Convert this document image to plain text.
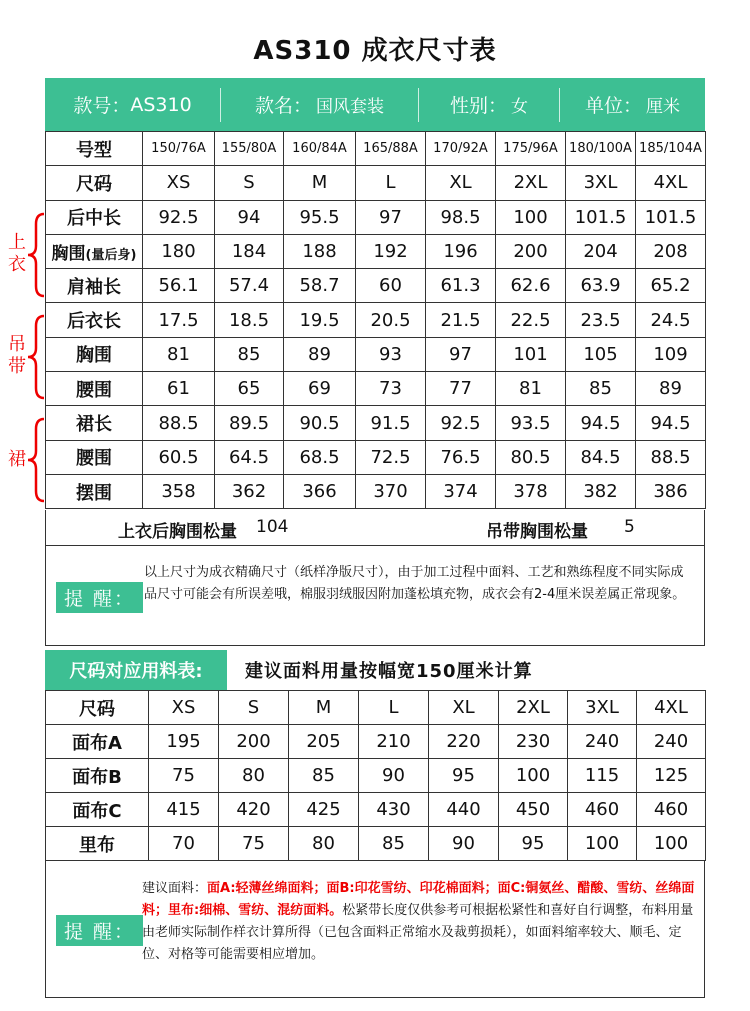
AS310 成衣尺寸表
款号： AS310	款名： 国风套装	性别： 女	单位： 厘米
号型	150/76A	155/80A	160/84A	165/88A	170/92A	175/96A	180/100A	185/104A
尺码	XS	S	M	L	XL	2XL	3XL	4XL
后中长	92.5	94	95.5	97	98.5	100	101.5	101.5
胸围(量后身)	180	184	188	192	196	200	204	208
肩袖长	56.1	57.4	58.7	60	61.3	62.6	63.9	65.2
后衣长	17.5	18.5	19.5	20.5	21.5	22.5	23.5	24.5
胸围	81	85	89	93	97	101	105	109
腰围	61	65	69	73	77	81	85	89
裙长	88.5	89.5	90.5	91.5	92.5	93.5	94.5	94.5
腰围	60.5	64.5	68.5	72.5	76.5	80.5	84.5	88.5
摆围	358	362	366	370	374	378	382	386
上衣
吊带
裙
上衣后胸围松量 104	吊带胸围松量 5
提 醒：
以上尺寸为成衣精确尺寸（纸样净版尺寸），由于加工过程中面料、工艺和熟练程度不同实际成品尺寸可能会有所误差哦，棉服羽绒服因附加蓬松填充物，成衣会有2-4厘米误差属正常现象。
尺码对应用料表:	建议面料用量按幅宽150厘米计算
尺码	XS	S	M	L	XL	2XL	3XL	4XL
面布A	195	200	205	210	220	230	240	240
面布B	75	80	85	90	95	100	115	125
面布C	415	420	425	430	440	450	460	460
里布	70	75	80	85	90	95	100	100
提 醒：
建议面料：面A:轻薄丝绵面料；面B:印花雪纺、印花棉面料；面C:铜氨丝、醋酸、雪纺、丝绵面料；里布:细棉、雪纺、混纺面料。松紧带长度仅供参考可根据松紧性和喜好自行调整，布料用量由老师实际制作样衣计算所得（已包含面料正常缩水及裁剪损耗），如面料缩率较大、顺毛、定位、对格等可能需要相应增加。
